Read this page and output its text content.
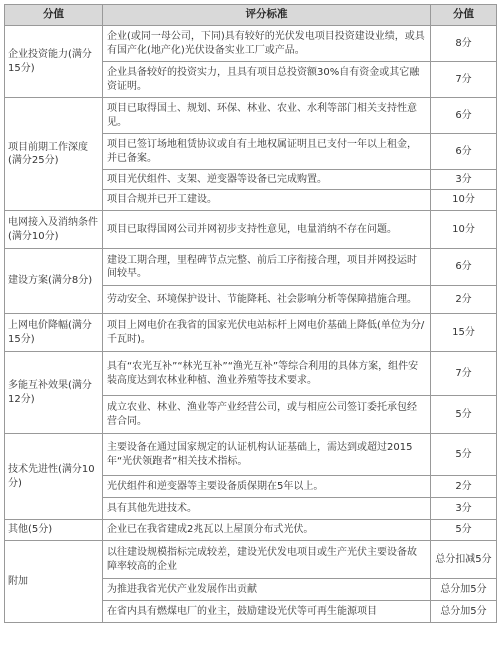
分值	评分标准	分值
企业投资能力(满分15分)	企业(或同一母公司，下同)具有较好的光伏发电项目投资建设业绩，或具有国产化(地产化)光伏设备实业工厂或产品。	8分
	企业具备较好的投资实力，且具有项目总投资额30%自有资金或其它融资证明。	7分
项目前期工作深度(满分25分)	项目已取得国土、规划、环保、林业、农业、水利等部门相关支持性意见。	6分
	项目已签订场地租赁协议或自有土地权属证明且已支付一年以上租金，并已备案。	6分
	项目光伏组件、支架、逆变器等设备已完成购置。	3分
	项目合规并已开工建设。	10分
电网接入及消纳条件(满分10分)	项目已取得国网公司并网初步支持性意见，电量消纳不存在问题。	10分
建设方案(满分8分)	建设工期合理，里程碑节点完整、前后工序衔接合理，项目并网投运时间较早。	6分
	劳动安全、环境保护设计、节能降耗、社会影响分析等保障措施合理。	2分
上网电价降幅(满分15分)	项目上网电价在我省的国家光伏电站标杆上网电价基础上降低(单位为分/千瓦时)。	15分
多能互补效果(满分12分)	具有“农光互补”“林光互补”“渔光互补”等综合利用的具体方案，组件安装高度达到农林业种植、渔业养殖等技术要求。	7分
	成立农业、林业、渔业等产业经营公司，或与相应公司签订委托承包经营合同。	5分
技术先进性(满分10分)	主要设备在通过国家规定的认证机构认证基础上，需达到或超过2015年“光伏领跑者”相关技术指标。	5分
	光伏组件和逆变器等主要设备质保期在5年以上。	2分
	具有其他先进技术。	3分
其他(5分)	企业已在我省建成2兆瓦以上屋顶分布式光伏。	5分
附加	以往建设规模指标完成较差，建设光伏发电项目或生产光伏主要设备故障率较高的企业	总分扣减5分
	为推进我省光伏产业发展作出贡献	总分加5分
	在省内具有燃煤电厂的业主，鼓励建设光伏等可再生能源项目	总分加5分
